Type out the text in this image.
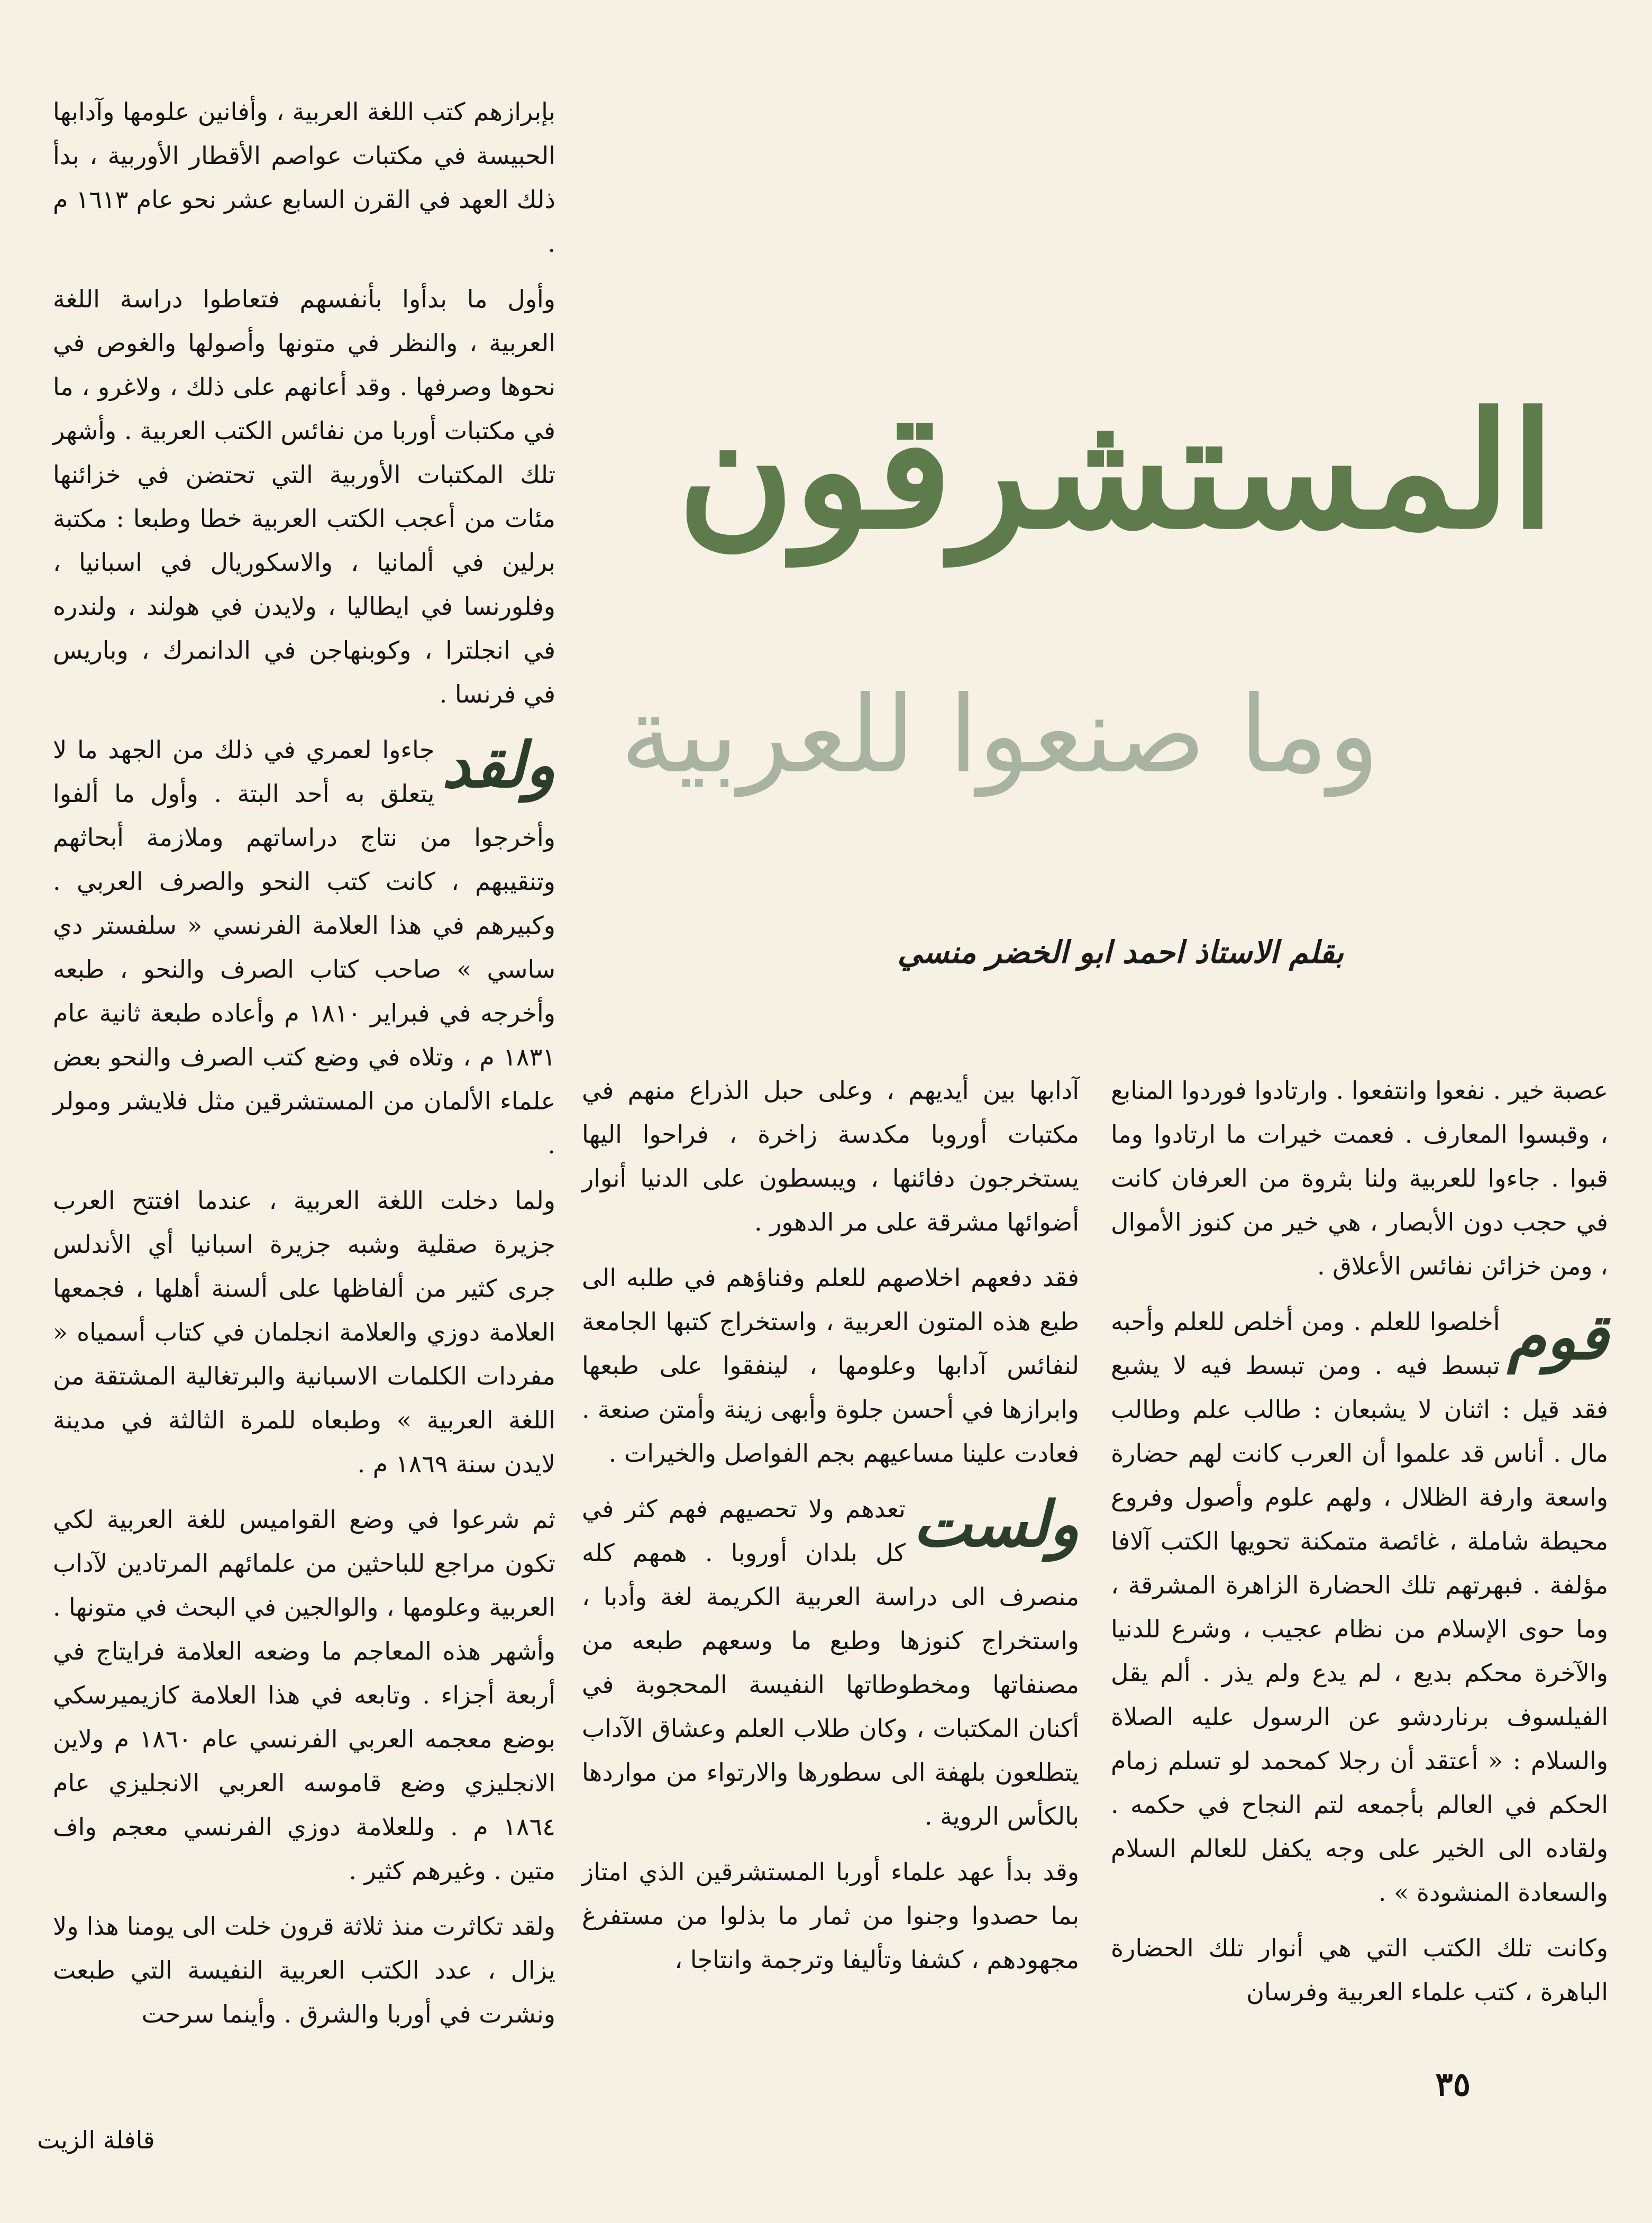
بإبرازهم كتب اللغة العربية ، وأفانين علومها وآدابها الحبيسة في مكتبات عواصم الأقطار الأوربية ، بدأ ذلك العهد في القرن السابع عشر نحو عام ١٦١٣ م .

وأول ما بدأوا بأنفسهم فتعاطوا دراسة اللغة العربية ، والنظر في متونها وأصولها والغوص في نحوها وصرفها . وقد أعانهم على ذلك ، ولاغرو ، ما في مكتبات أوربا من نفائس الكتب العربية . وأشهر تلك المكتبات الأوربية التي تحتضن في خزائنها مئات من أعجب الكتب العربية خطا وطبعا : مكتبة برلين في ألمانيا ، والاسكوريال في اسبانيا ، وفلورنسا في ايطاليا ، ولايدن في هولند ، ولندره في انجلترا ، وكوبنهاجن في الدانمرك ، وباريس في فرنسا .

ولقد
جاءوا لعمري في ذلك من الجهد ما لا يتعلق به أحد البتة . وأول ما ألفوا وأخرجوا من نتاج دراساتهم وملازمة أبحاثهم وتنقيبهم ، كانت كتب النحو والصرف العربي . وكبيرهم في هذا العلامة الفرنسي « سلفستر دي ساسي » صاحب كتاب الصرف والنحو ، طبعه وأخرجه في فبراير ١٨١٠ م وأعاده طبعة ثانية عام ١٨٣١ م ، وتلاه في وضع كتب الصرف والنحو بعض علماء الألمان من المستشرقين مثل فلايشر ومولر .

ولما دخلت اللغة العربية ، عندما افتتح العرب جزيرة صقلية وشبه جزيرة اسبانيا أي الأندلس جرى كثير من ألفاظها على ألسنة أهلها ، فجمعها العلامة دوزي والعلامة انجلمان في كتاب أسمياه « مفردات الكلمات الاسبانية والبرتغالية المشتقة من اللغة العربية » وطبعاه للمرة الثالثة في مدينة لايدن سنة ١٨٦٩ م .

ثم شرعوا في وضع القواميس للغة العربية لكي تكون مراجع للباحثين من علمائهم المرتادين لآداب العربية وعلومها ، والوالجين في البحث في متونها . وأشهر هذه المعاجم ما وضعه العلامة فرايتاج في أربعة أجزاء . وتابعه في هذا العلامة كازيميرسكي بوضع معجمه العربي الفرنسي عام ١٨٦٠ م ولاين الانجليزي وضع قاموسه العربي الانجليزي عام ١٨٦٤ م . وللعلامة دوزي الفرنسي معجم واف متين . وغيرهم كثير .

ولقد تكاثرت منذ ثلاثة قرون خلت الى يومنا هذا ولا يزال ، عدد الكتب العربية النفيسة التي طبعت ونشرت في أوربا والشرق . وأينما سرحت

المستشرقون
وما صنعوا للعربية
بقلم الاستاذ احمد ابو الخضر منسي

آدابها بين أيديهم ، وعلى حبل الذراع منهم في مكتبات أوروبا مكدسة زاخرة ، فراحوا اليها يستخرجون دفائنها ، ويبسطون على الدنيا أنوار أضوائها مشرقة على مر الدهور .

فقد دفعهم اخلاصهم للعلم وفناؤهم في طلبه الى طبع هذه المتون العربية ، واستخراج كتبها الجامعة لنفائس آدابها وعلومها ، لينفقوا على طبعها وابرازها في أحسن جلوة وأبهى زينة وأمتن صنعة . فعادت علينا مساعيهم بجم الفواصل والخيرات .

ولست
تعدهم ولا تحصيهم فهم كثر في كل بلدان أوروبا . همهم كله منصرف الى دراسة العربية الكريمة لغة وأدبا ، واستخراج كنوزها وطبع ما وسعهم طبعه من مصنفاتها ومخطوطاتها النفيسة المحجوبة في أكنان المكتبات ، وكان طلاب العلم وعشاق الآداب يتطلعون بلهفة الى سطورها والارتواء من مواردها بالكأس الروية .

وقد بدأ عهد علماء أوربا المستشرقين الذي امتاز بما حصدوا وجنوا من ثمار ما بذلوا من مستفرغ مجهودهم ، كشفا وتأليفا وترجمة وانتاجا ،

عصبة خير . نفعوا وانتفعوا . وارتادوا فوردوا المنابع ، وقبسوا المعارف . فعمت خيرات ما ارتادوا وما قبوا . جاءوا للعربية ولنا بثروة من العرفان كانت في حجب دون الأبصار ، هي خير من كنوز الأموال ، ومن خزائن نفائس الأعلاق .

قوم
أخلصوا للعلم . ومن أخلص للعلم وأحبه تبسط فيه . ومن تبسط فيه لا يشبع فقد قيل : اثنان لا يشبعان : طالب علم وطالب مال . أناس قد علموا أن العرب كانت لهم حضارة واسعة وارفة الظلال ، ولهم علوم وأصول وفروع محيطة شاملة ، غائصة متمكنة تحويها الكتب آلافا مؤلفة . فبهرتهم تلك الحضارة الزاهرة المشرقة ، وما حوى الإسلام من نظام عجيب ، وشرع للدنيا والآخرة محكم بديع ، لم يدع ولم يذر . ألم يقل الفيلسوف برناردشو عن الرسول عليه الصلاة والسلام : « أعتقد أن رجلا كمحمد لو تسلم زمام الحكم في العالم بأجمعه لتم النجاح في حكمه . ولقاده الى الخير على وجه يكفل للعالم السلام والسعادة المنشودة » .

وكانت تلك الكتب التي هي أنوار تلك الحضارة الباهرة ، كتب علماء العربية وفرسان

٣٥
قافلة الزيت
